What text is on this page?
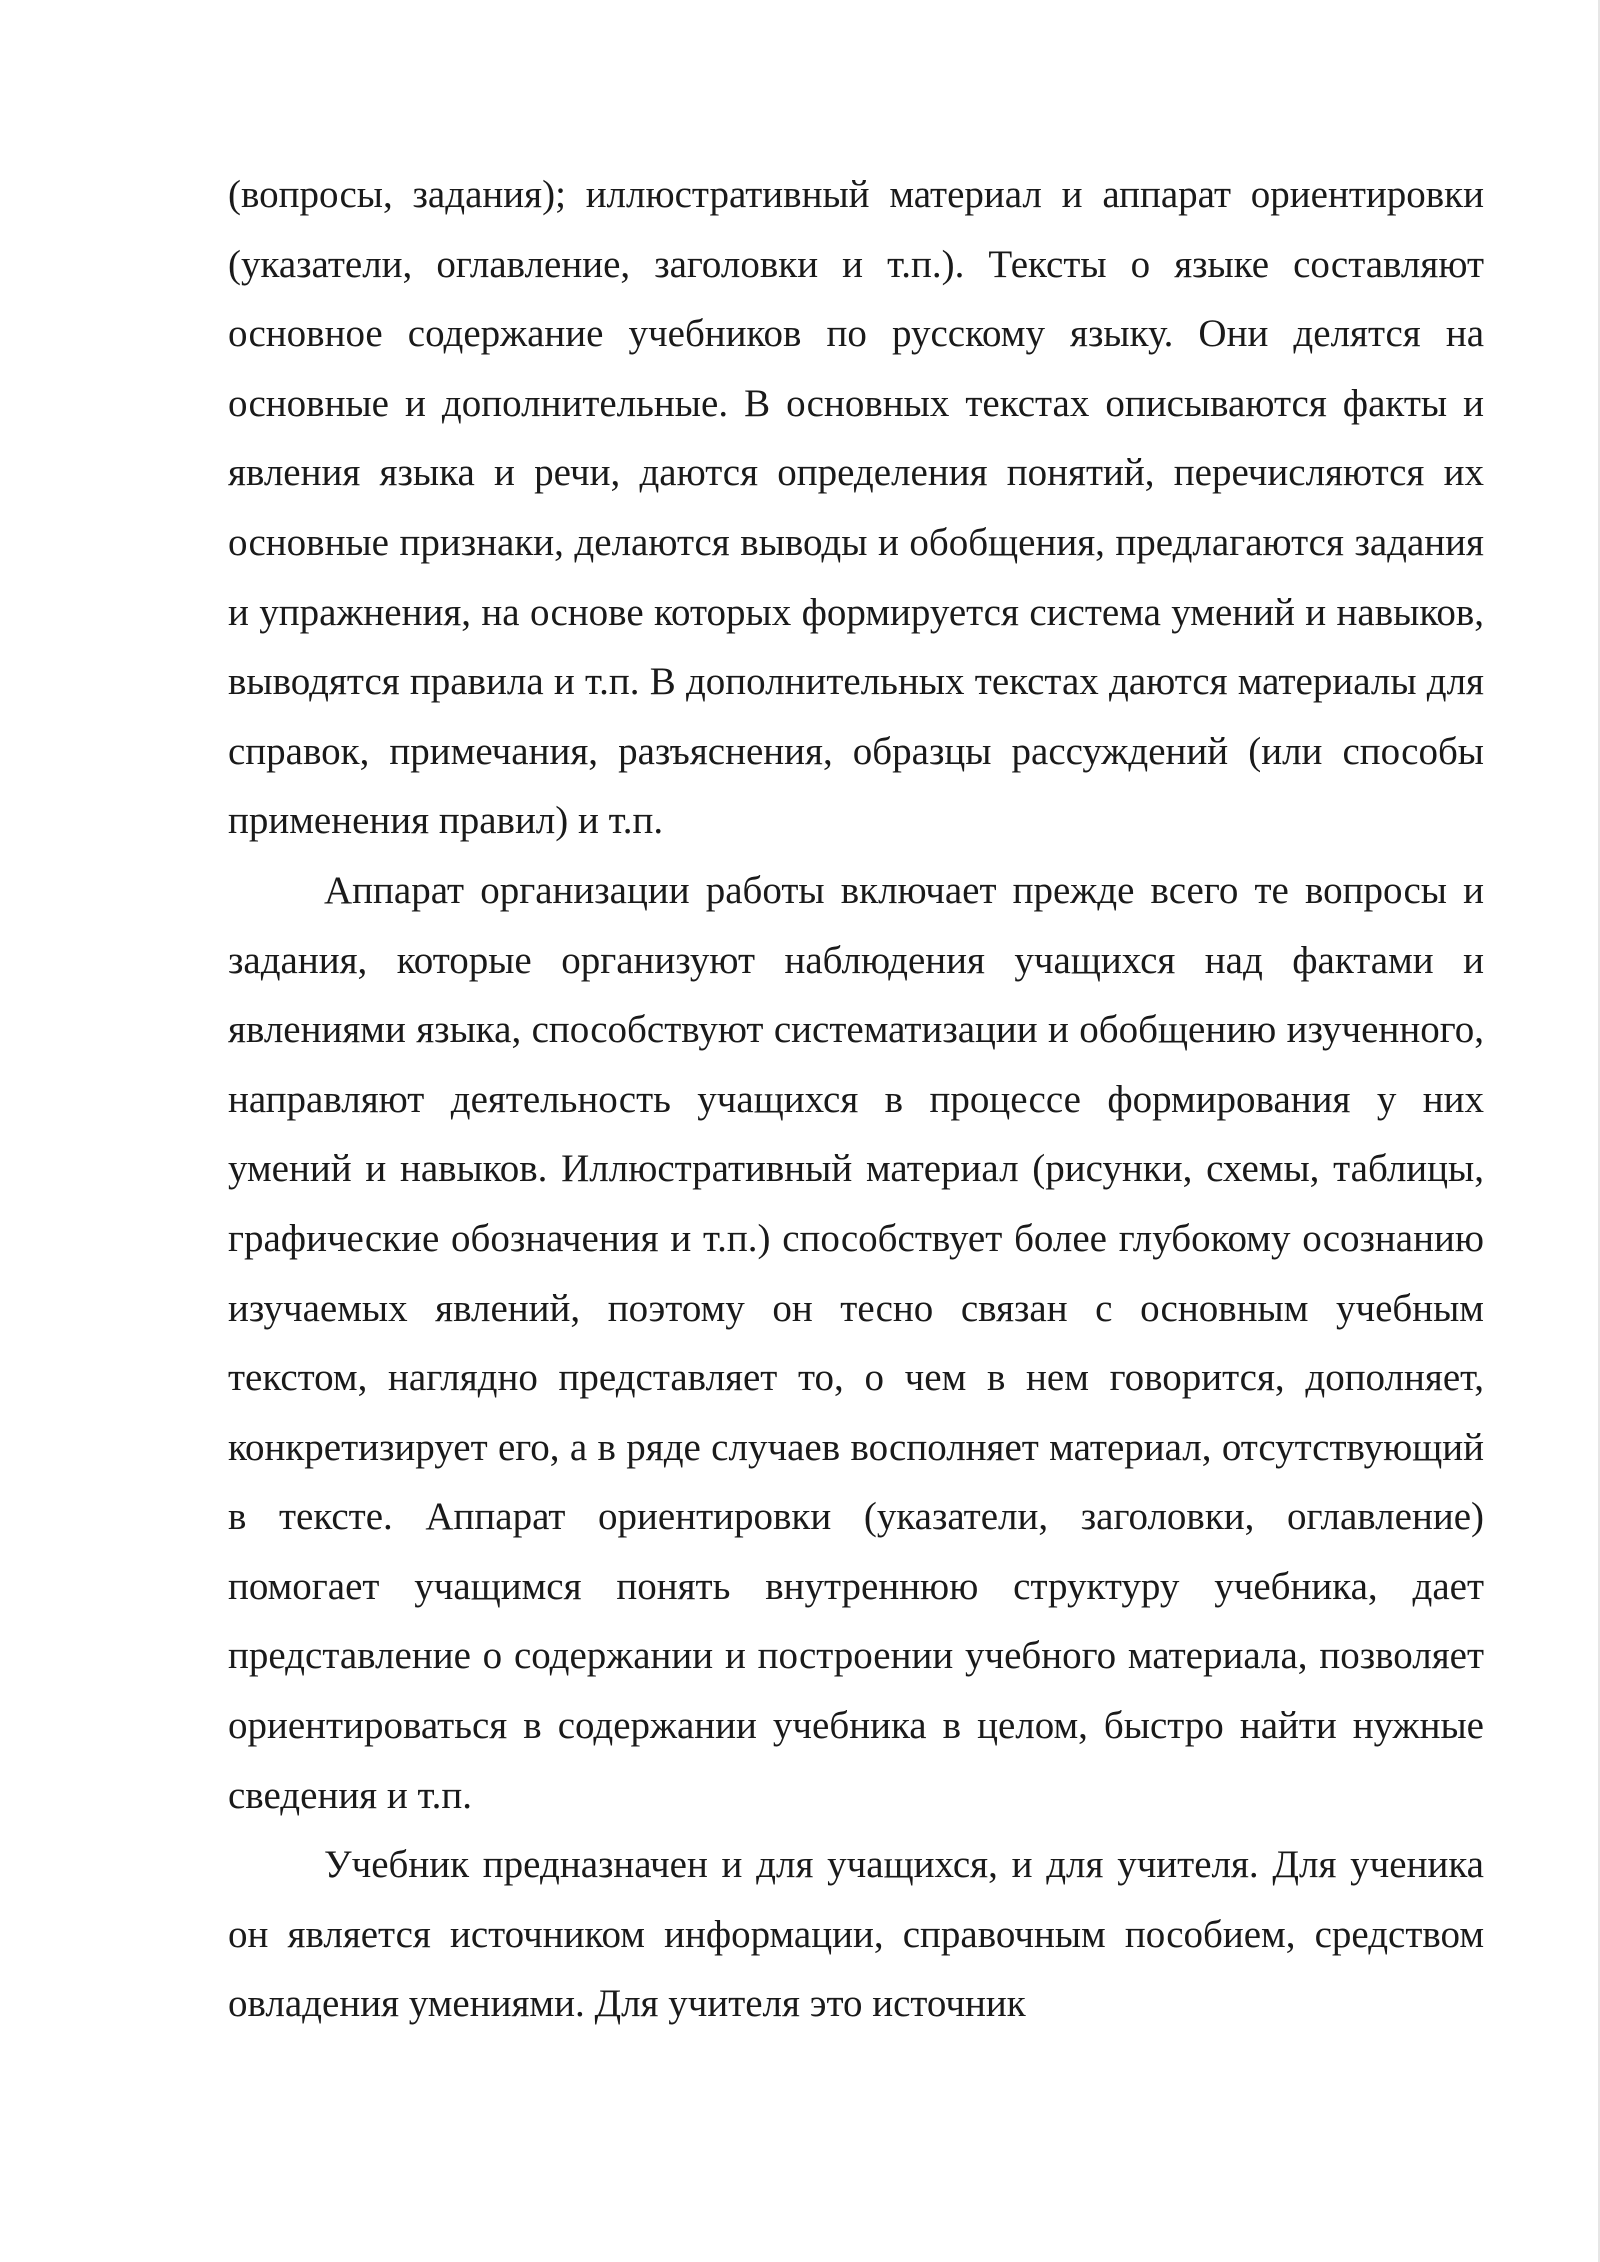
(вопросы, задания); иллюстративный материал и аппарат ориентировки (указатели, оглавление, заголовки и т.п.). Тексты о языке составляют основное содержание учебников по русскому языку. Они делятся на основные и дополнительные. В основных текстах описываются факты и явления языка и речи, даются определения понятий, перечисляются их основные признаки, делаются выводы и обобщения, предлагаются задания и упражнения, на основе которых формируется система умений и навыков, выводятся правила и т.п. В дополнительных текстах даются материалы для справок, примечания, разъяснения, образцы рассуждений (или способы применения правил) и т.п.

Аппарат организации работы включает прежде всего те вопросы и задания, которые организуют наблюдения учащихся над фактами и явлениями языка, способствуют систематизации и обобщению изученного, направляют деятельность учащихся в процессе формирования у них умений и навыков. Иллюстративный материал (рисунки, схемы, таблицы, графические обозначения и т.п.) способствует более глубокому осознанию изучаемых явлений, поэтому он тесно связан с основным учебным текстом, наглядно представляет то, о чем в нем говорится, дополняет, конкретизирует его, а в ряде случаев восполняет материал, отсутствующий в тексте. Аппарат ориентировки (указатели, заголовки, оглавление) помогает учащимся понять внутреннюю структуру учебника, дает представление о содержании и построении учебного материала, позволяет ориентироваться в содержании учебника в целом, быстро найти нужные сведения и т.п.

Учебник предназначен и для учащихся, и для учителя. Для ученика он является источником информации, справочным пособием, средством овладения умениями. Для учителя это источник
